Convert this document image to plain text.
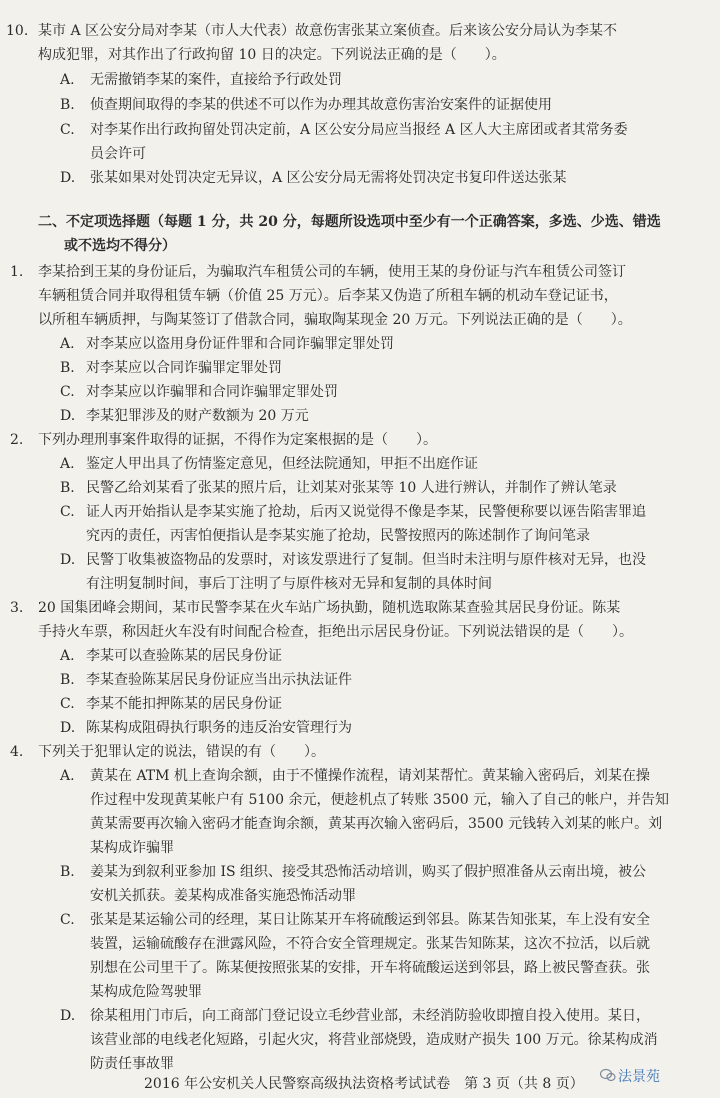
10. 某市 A 区公安分局对李某（市人大代表）故意伤害张某立案侦查。后来该公安分局认为李某不
构成犯罪，对其作出了行政拘留 10 日的决定。下列说法正确的是（　　）。
A. 无需撤销李某的案件，直接给予行政处罚
B. 侦查期间取得的李某的供述不可以作为办理其故意伤害治安案件的证据使用
C. 对李某作出行政拘留处罚决定前，A 区公安分局应当报经 A 区人大主席团或者其常务委
员会许可
D. 张某如果对处罚决定无异议，A 区公安分局无需将处罚决定书复印件送达张某
二、不定项选择题（每题 1 分，共 20 分，每题所设选项中至少有一个正确答案，多选、少选、错选
或不选均不得分）
1. 李某拾到王某的身份证后，为骗取汽车租赁公司的车辆，使用王某的身份证与汽车租赁公司签订
车辆租赁合同并取得租赁车辆（价值 25 万元）。后李某又伪造了所租车辆的机动车登记证书，
以所租车辆质押，与陶某签订了借款合同，骗取陶某现金 20 万元。下列说法正确的是（　　）。
A. 对李某应以盗用身份证件罪和合同诈骗罪定罪处罚
B. 对李某应以合同诈骗罪定罪处罚
C. 对李某应以诈骗罪和合同诈骗罪定罪处罚
D. 李某犯罪涉及的财产数额为 20 万元
2. 下列办理刑事案件取得的证据，不得作为定案根据的是（　　）。
A. 鉴定人甲出具了伤情鉴定意见，但经法院通知，甲拒不出庭作证
B. 民警乙给刘某看了张某的照片后，让刘某对张某等 10 人进行辨认，并制作了辨认笔录
C. 证人丙开始指认是李某实施了抢劫，后丙又说觉得不像是李某，民警便称要以诬告陷害罪追
究丙的责任，丙害怕便指认是李某实施了抢劫，民警按照丙的陈述制作了询问笔录
D. 民警丁收集被盗物品的发票时，对该发票进行了复制。但当时未注明与原件核对无异，也没
有注明复制时间，事后丁注明了与原件核对无异和复制的具体时间
3. 20 国集团峰会期间，某市民警李某在火车站广场执勤，随机选取陈某查验其居民身份证。陈某
手持火车票，称因赶火车没有时间配合检查，拒绝出示居民身份证。下列说法错误的是（　　）。
A. 李某可以查验陈某的居民身份证
B. 李某查验陈某居民身份证应当出示执法证件
C. 李某不能扣押陈某的居民身份证
D. 陈某构成阻碍执行职务的违反治安管理行为
4. 下列关于犯罪认定的说法，错误的有（　　）。
A. 黄某在 ATM 机上查询余额，由于不懂操作流程，请刘某帮忙。黄某输入密码后，刘某在操
作过程中发现黄某帐户有 5100 余元，便趁机点了转账 3500 元，输入了自己的帐户，并告知
黄某需要再次输入密码才能查询余额，黄某再次输入密码后，3500 元钱转入刘某的帐户。刘
某构成诈骗罪
B. 姜某为到叙利亚参加 IS 组织、接受其恐怖活动培训，购买了假护照准备从云南出境，被公
安机关抓获。姜某构成准备实施恐怖活动罪
C. 张某是某运输公司的经理，某日让陈某开车将硫酸运到邻县。陈某告知张某，车上没有安全
装置，运输硫酸存在泄露风险，不符合安全管理规定。张某告知陈某，这次不拉活，以后就
别想在公司里干了。陈某便按照张某的安排，开车将硫酸运送到邻县，路上被民警查获。张
某构成危险驾驶罪
D. 徐某租用门市后，向工商部门登记设立毛纱营业部，未经消防验收即擅自投入使用。某日，
该营业部的电线老化短路，引起火灾，将营业部烧毁，造成财产损失 100 万元。徐某构成消
防责任事故罪
2016 年公安机关人民警察高级执法资格考试试卷　第 3 页（共 8 页） 法景苑
